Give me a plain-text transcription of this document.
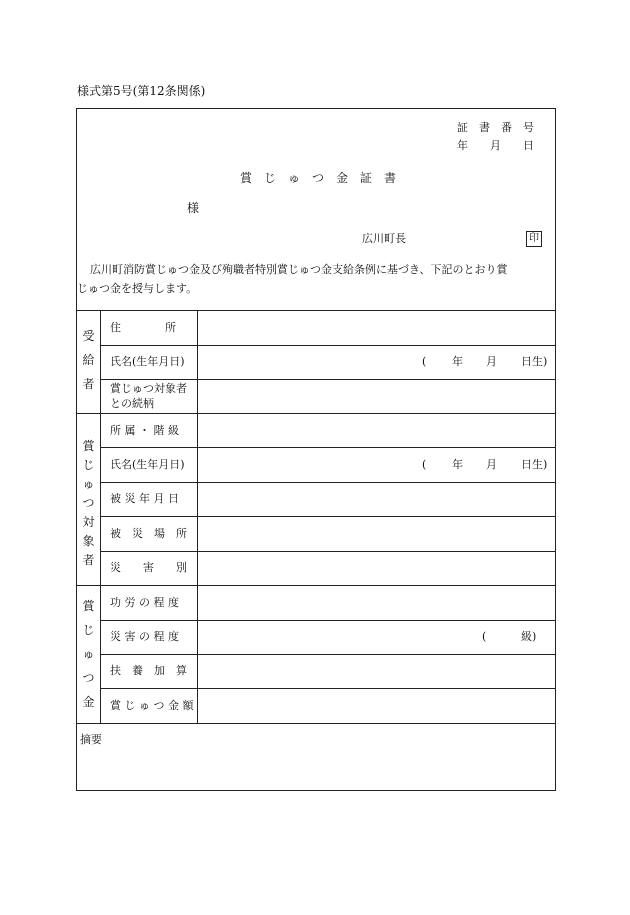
様式第5号(第12条関係)
証　書　番　号
年　　月　　日
賞　じ　ゅ　つ　金　証　書
様
広川町長	印
広川町消防賞じゅつ金及び殉職者特別賞じゅつ金支給条例に基づき、下記のとおり賞
じゅつ金を授与します。
受
給
者
賞
じ
ゅ
つ
対
象
者
賞
じ
ゅ
つ
金
住　　　　所
氏名(生年月日)
賞じゅつ対象者
との続柄
所 属 ・ 階 級
氏名(生年月日)
被 災 年 月 日
被　災　場　所
災　　害　　別
功 労 の 程 度
災 害 の 程 度
扶　養　加　算
賞 じ ゅ つ 金 額
( 年 月 日生)
( 年 月 日生)
(	級)
摘要
